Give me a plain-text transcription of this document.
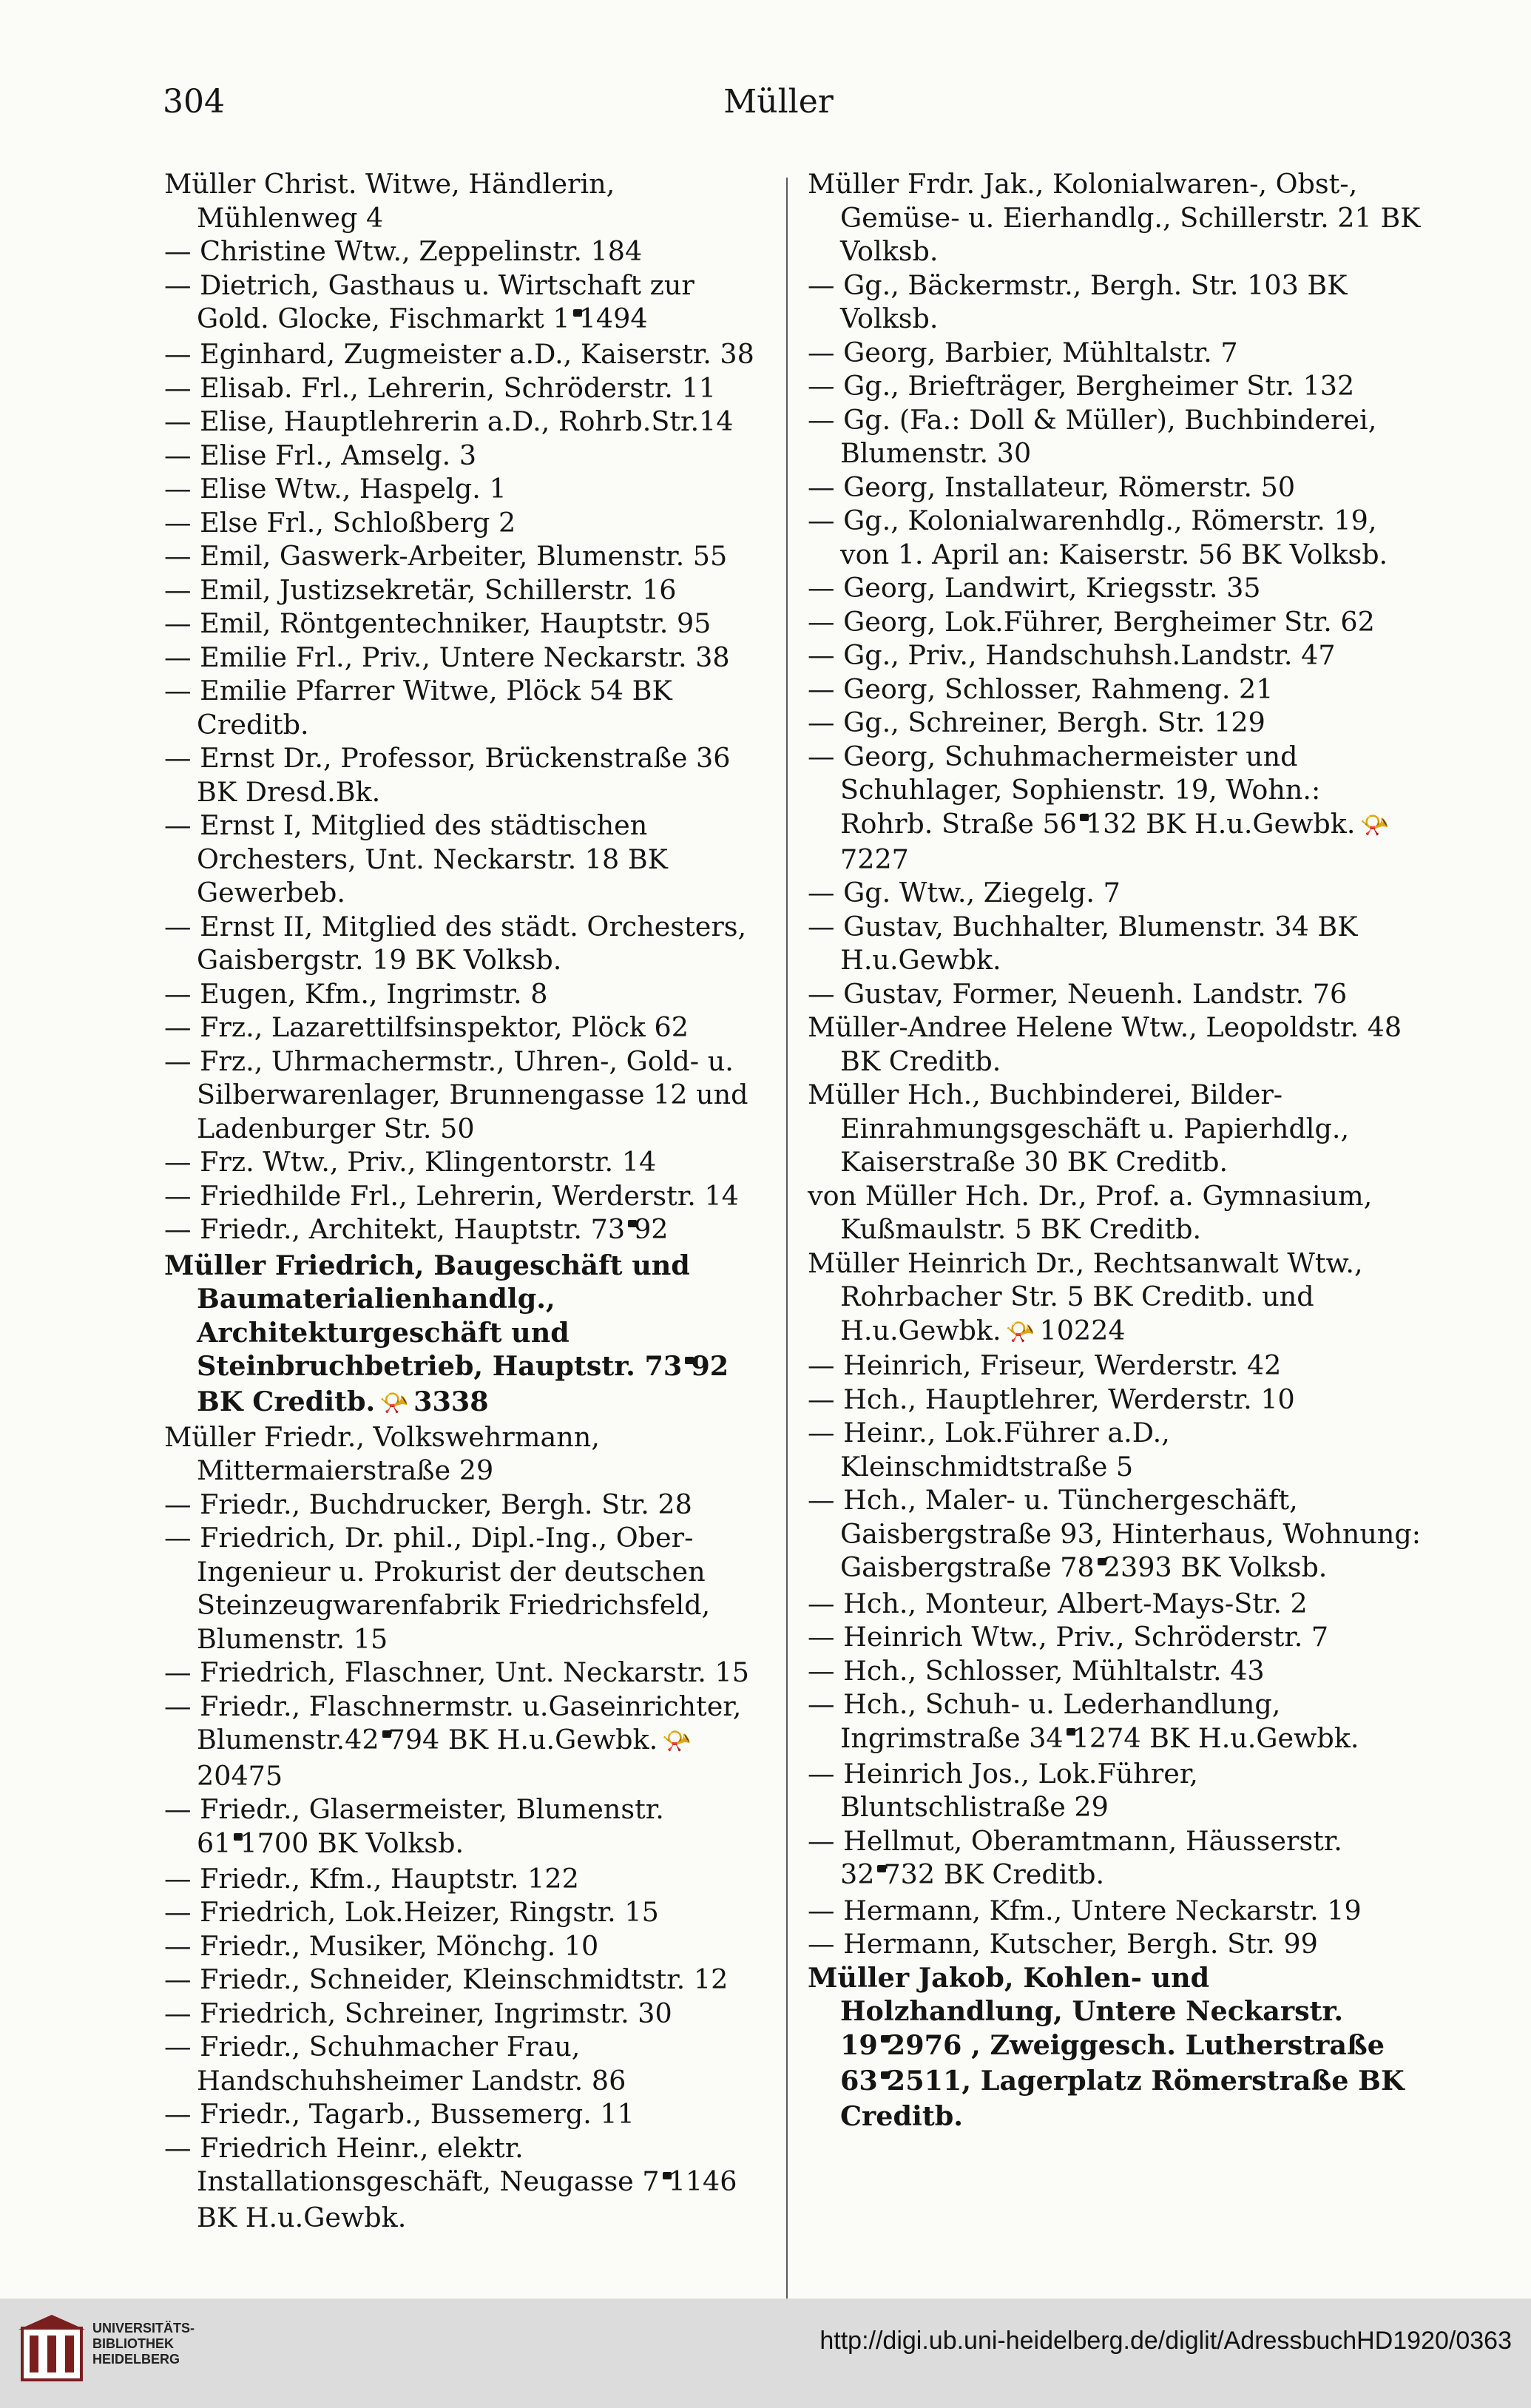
304	Müller

Müller Christ. Witwe, Händlerin, Mühlenweg 4

— Christine Wtw., Zeppelinstr. 184

— Dietrich, Gasthaus u. Wirtschaft zur Gold. Glocke, Fischmarkt 1 1494

— Eginhard, Zugmeister a.D., Kaiserstr. 38

— Elisab. Frl., Lehrerin, Schröderstr. 11

— Elise, Hauptlehrerin a.D., Rohrb.Str.14

— Elise Frl., Amselg. 3

— Elise Wtw., Haspelg. 1

— Else Frl., Schloßberg 2

— Emil, Gaswerk-Arbeiter, Blumenstr. 55

— Emil, Justizsekretär, Schillerstr. 16

— Emil, Röntgentechniker, Hauptstr. 95

— Emilie Frl., Priv., Untere Neckarstr. 38

— Emilie Pfarrer Witwe, Plöck 54 BK Creditb.

— Ernst Dr., Professor, Brückenstraße 36 BK Dresd.Bk.

— Ernst I, Mitglied des städtischen Orchesters, Unt. Neckarstr. 18 BK Gewerbeb.

— Ernst II, Mitglied des städt. Orchesters, Gaisbergstr. 19 BK Volksb.

— Eugen, Kfm., Ingrimstr. 8

— Frz., Lazarettilfsinspektor, Plöck 62

— Frz., Uhrmachermstr., Uhren-, Gold- u. Silberwarenlager, Brunnengasse 12 und Ladenburger Str. 50

— Frz. Wtw., Priv., Klingentorstr. 14

— Friedhilde Frl., Lehrerin, Werderstr. 14

— Friedr., Architekt, Hauptstr. 73 92

Müller Friedrich, Baugeschäft und Baumaterialienhandlg., Architekturgeschäft und Steinbruchbetrieb, Hauptstr. 73 92 BK Creditb. 📯 3338

Müller Friedr., Volkswehrmann, Mittermaierstraße 29

— Friedr., Buchdrucker, Bergh. Str. 28

— Friedrich, Dr. phil., Dipl.-Ing., Ober-Ingenieur u. Prokurist der deutschen Steinzeugwarenfabrik Friedrichsfeld, Blumenstr. 15

— Friedrich, Flaschner, Unt. Neckarstr. 15

— Friedr., Flaschnermstr. u.Gaseinrichter, Blumenstr.42 794 BK H.u.Gewbk. 📯20475

— Friedr., Glasermeister, Blumenstr. 61 1700 BK Volksb.

— Friedr., Kfm., Hauptstr. 122

— Friedrich, Lok.Heizer, Ringstr. 15

— Friedr., Musiker, Mönchg. 10

— Friedr., Schneider, Kleinschmidtstr. 12

— Friedrich, Schreiner, Ingrimstr. 30

— Friedr., Schuhmacher Frau, Handschuhsheimer Landstr. 86

— Friedr., Tagarb., Bussemerg. 11

— Friedrich Heinr., elektr. Installationsgeschäft, Neugasse 7 1146 BK H.u.Gewbk.

Müller Frdr. Jak., Kolonialwaren-, Obst-, Gemüse- u. Eierhandlg., Schillerstr. 21 BK Volksb.

— Gg., Bäckermstr., Bergh. Str. 103 BK Volksb.

— Georg, Barbier, Mühltalstr. 7

— Gg., Briefträger, Bergheimer Str. 132

— Gg. (Fa.: Doll & Müller), Buchbinderei, Blumenstr. 30

— Georg, Installateur, Römerstr. 50

— Gg., Kolonialwarenhdlg., Römerstr. 19, von 1. April an: Kaiserstr. 56 BK Volksb.

— Georg, Landwirt, Kriegsstr. 35

— Georg, Lok.Führer, Bergheimer Str. 62

— Gg., Priv., Handschuhsh.Landstr. 47

— Georg, Schlosser, Rahmeng. 21

— Gg., Schreiner, Bergh. Str. 129

— Georg, Schuhmachermeister und Schuhlager, Sophienstr. 19, Wohn.: Rohrb. Straße 56 132 BK H.u.Gewbk. 📯7227

— Gg. Wtw., Ziegelg. 7

— Gustav, Buchhalter, Blumenstr. 34 BK H.u.Gewbk.

— Gustav, Former, Neuenh. Landstr. 76

Müller-Andree Helene Wtw., Leopoldstr. 48 BK Creditb.

Müller Hch., Buchbinderei, Bilder-Einrahmungsgeschäft u. Papierhdlg., Kaiserstraße 30 BK Creditb.

von Müller Hch. Dr., Prof. a. Gymnasium, Kußmaulstr. 5 BK Creditb.

Müller Heinrich Dr., Rechtsanwalt Wtw., Rohrbacher Str. 5 BK Creditb. und H.u.Gewbk. 📯 10224

— Heinrich, Friseur, Werderstr. 42

— Hch., Hauptlehrer, Werderstr. 10

— Heinr., Lok.Führer a.D., Kleinschmidtstraße 5

— Hch., Maler- u. Tünchergeschäft, Gaisbergstraße 93, Hinterhaus, Wohnung: Gaisbergstraße 78 2393 BK Volksb.

— Hch., Monteur, Albert-Mays-Str. 2

— Heinrich Wtw., Priv., Schröderstr. 7

— Hch., Schlosser, Mühltalstr. 43

— Hch., Schuh- u. Lederhandlung, Ingrimstraße 34 1274 BK H.u.Gewbk.

— Heinrich Jos., Lok.Führer, Bluntschlistraße 29

— Hellmut, Oberamtmann, Häusserstr. 32 732 BK Creditb.

— Hermann, Kfm., Untere Neckarstr. 19

— Hermann, Kutscher, Bergh. Str. 99

Müller Jakob, Kohlen- und Holzhandlung, Untere Neckarstr. 19 2976 , Zweiggesch. Lutherstraße 63 2511, Lagerplatz Römerstraße BK Creditb.

UNIVERSITÄTS-
BIBLIOTHEK
HEIDELBERG
http://digi.ub.uni-heidelberg.de/diglit/AdressbuchHD1920/0363
